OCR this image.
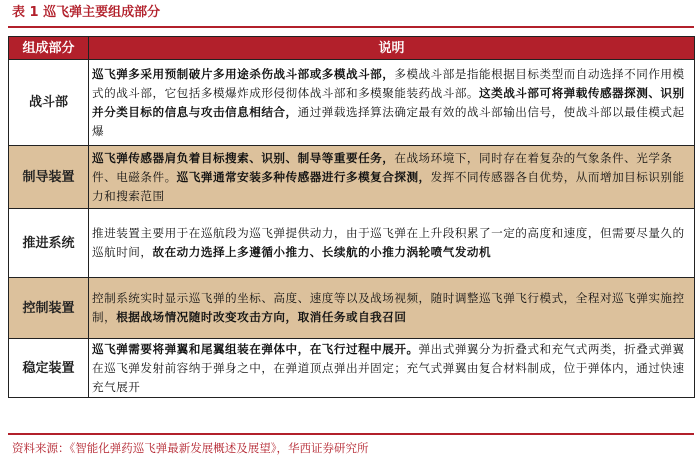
表 1 巡飞弹主要组成部分
组成部分	说明
战斗部	巡飞弹多采用预制破片多用途杀伤战斗部或多模战斗部，多模战斗部是指能根据目标类型而自动选择不同作用模式的战斗部，它包括多模爆炸成形侵彻体战斗部和多模聚能装药战斗部。这类战斗部可将弹载传感器探测、识别并分类目标的信息与攻击信息相结合，通过弹载选择算法确定最有效的战斗部输出信号，使战斗部以最佳模式起爆
制导装置	巡飞弹传感器肩负着目标搜索、识别、制导等重要任务，在战场环境下，同时存在着复杂的气象条件、光学条件、电磁条件。巡飞弹通常安装多种传感器进行多模复合探测，发挥不同传感器各自优势，从而增加目标识别能力和搜索范围
推进系统	推进装置主要用于在巡航段为巡飞弹提供动力，由于巡飞弹在上升段积累了一定的高度和速度，但需要尽量久的巡航时间，故在动力选择上多遵循小推力、长续航的小推力涡轮喷气发动机
控制装置	控制系统实时显示巡飞弹的坐标、高度、速度等以及战场视频，随时调整巡飞弹飞行模式，全程对巡飞弹实施控制，根据战场情况随时改变攻击方向，取消任务或自我召回
稳定装置	巡飞弹需要将弹翼和尾翼组装在弹体中，在飞行过程中展开。弹出式弹翼分为折叠式和充气式两类，折叠式弹翼在巡飞弹发射前容纳于弹身之中，在弹道顶点弹出并固定；充气式弹翼由复合材料制成，位于弹体内，通过快速充气展开
资料来源：《智能化弹药巡飞弹最新发展概述及展望》，华西证券研究所
